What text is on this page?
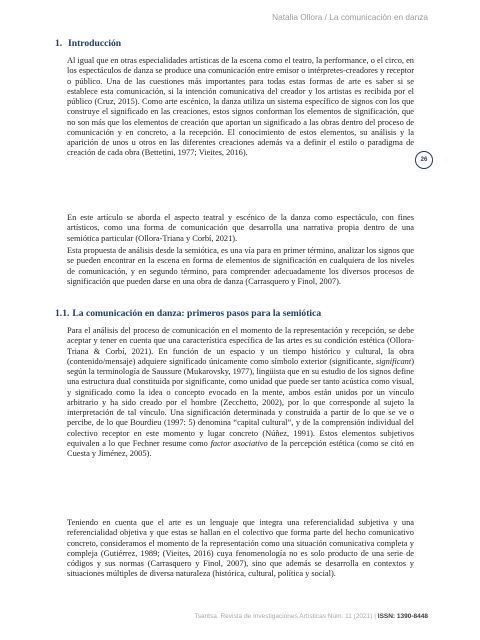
Natalia Ollora / La comunicación en danza
26
1. Introducción

Al igual que en otras especialidades artísticas de la escena como el teatro, la performance, o el circo, en los espectáculos de danza se produce una comunicación entre emisor o intérpretes-creadores y receptor o público. Una de las cuestiones más importantes para todas estas formas de arte es saber si se establece esta comunicación, si la intención comunicativa del creador y los artistas es recibida por el público (Cruz, 2015). Como arte escénico, la danza utiliza un sistema específico de signos con los que construye el significado en las creaciones, estos signos conforman los elementos de significación, que no son más que los elementos de creación que aportan un significado a las obras dentro del proceso de comunicación y en concreto, a la recepción. El conocimiento de estos elementos, su análisis y la aparición de unos u otros en las diferentes creaciones además va a definir el estilo o paradigma de creación de cada obra (Bettetini, 1977; Vieites, 2016).

En este artículo se aborda el aspecto teatral y escénico de la danza como espectáculo, con fines artísticos, como una forma de comunicación que desarrolla una narrativa propia dentro de una semiótica particular (Ollora-Triana y Corbí, 2021).

Esta propuesta de análisis desde la semiótica, es una vía para en primer término, analizar los signos que se pueden encontrar en la escena en forma de elementos de significación en cualquiera de los niveles de comunicación, y en segundo término, para comprender adecuadamente los diversos procesos de significación que pueden darse en una obra de danza (Carrasquero y Finol, 2007).

1.1. La comunicación en danza: primeros pasos para la semiótica

Para el análisis del proceso de comunicación en el momento de la representación y recepción, se debe aceptar y tener en cuenta que una característica específica de las artes es su condición estética (Ollora-Triana & Corbí, 2021). En función de un espacio y un tiempo histórico y cultural, la obra (contenido/mensaje) adquiere significado únicamente como símbolo exterior (significante, significant) según la terminología de Saussure (Mukarovsky, 1977), lingüista que en su estudio de los signos define una estructura dual constituida por significante, como unidad que puede ser tanto acústica como visual, y significado como la idea o concepto evocado en la mente, ambos están unidos por un vínculo arbitrario y ha sido creado por el hombre (Zecchetto, 2002), por lo que corresponde al sujeto la interpretación de tal vínculo. Una significación determinada y construida a partir de lo que se ve o percibe, de lo que Bourdieu (1997: 5) denomina “capital cultural”, y de la comprensión individual del colectivo receptor en este momento y lugar concreto (Núñez, 1991). Estos elementos subjetivos equivalen a lo que Fechner resume como factor asociativo de la percepción estética (como se citó en Cuesta y Jiménez, 2005).

Teniendo en cuenta que el arte es un lenguaje que integra una referencialidad subjetiva y una referencialidad objetiva y que estas se hallan en el colectivo que forma parte del hecho comunicativo concreto, consideramos el momento de la representación como una situación comunicativa completa y compleja (Gutiérrez, 1989; (Vieites, 2016) cuya fenomenología no es solo producto de una serie de códigos y sus normas (Carrasquero y Finol, 2007), sino que además se desarrolla en contextos y situaciones múltiples de diversa naturaleza (histórica, cultural, política y social).

Tsantsa. Revista de Investigaciones Artísticas Núm. 11 (2021) | ISSN: 1390-8448
